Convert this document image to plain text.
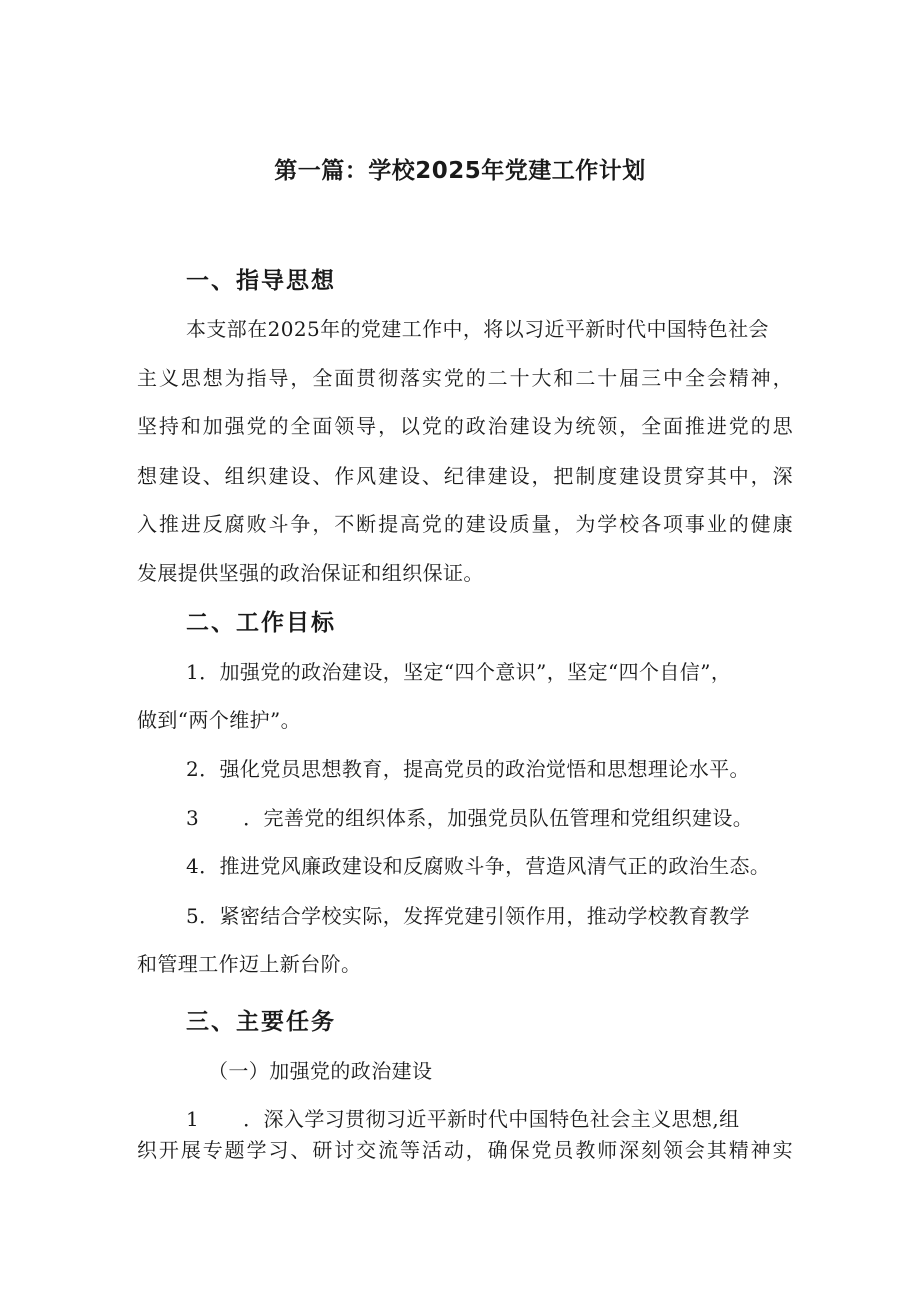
第一篇：学校2025年党建工作计划
一、指导思想
本支部在2025年的党建工作中，将以习近平新时代中国特色社会
主义思想为指导，全面贯彻落实党的二十大和二十届三中全会精神，
坚持和加强党的全面领导，以党的政治建设为统领，全面推进党的思
想建设、组织建设、作风建设、纪律建设，把制度建设贯穿其中，深
入推进反腐败斗争，不断提高党的建设质量，为学校各项事业的健康
发展提供坚强的政治保证和组织保证。
二、工作目标
1．加强党的政治建设，坚定“四个意识”，坚定“四个自信”，
做到“两个维护”。
2．强化党员思想教育，提高党员的政治觉悟和思想理论水平。
3 ．完善党的组织体系，加强党员队伍管理和党组织建设。
4．推进党风廉政建设和反腐败斗争，营造风清气正的政治生态。
5．紧密结合学校实际，发挥党建引领作用，推动学校教育教学
和管理工作迈上新台阶。
三、主要任务
（一）加强党的政治建设
1 ．深入学习贯彻习近平新时代中国特色社会主义思想,组
织开展专题学习、研讨交流等活动，确保党员教师深刻领会其精神实
